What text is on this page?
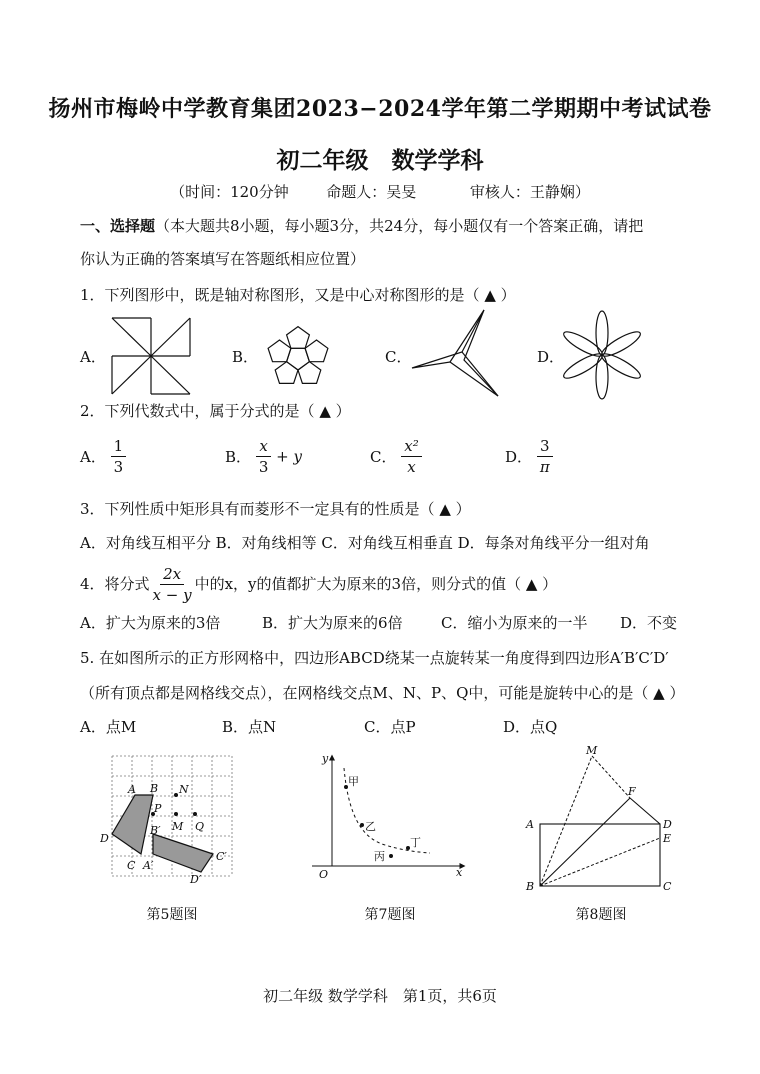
扬州市梅岭中学教育集团2023−2024学年第二学期期中考试试卷
初二年级　数学学科
（时间：120分钟	命题人：吴旻	审核人：王静娴）
一、选择题（本大题共8小题，每小题3分，共24分，每小题仅有一个答案正确，请把
你认为正确的答案填写在答题纸相应位置）
1．下列图形中，既是轴对称图形，又是中心对称图形的是（ ▲ ）
A．	B．	C．	D．
2．下列代数式中，属于分式的是（ ▲ ）
A． $\frac{1}{3}$	B． $\frac{x}{3} + y$	C． $\frac{\text{x²}}{x}$	D． $\frac{3}{\pi}$
3．下列性质中矩形具有而菱形不一定具有的性质是（ ▲ ）
A．对角线互相平分 B．对角线相等 C．对角线互相垂直 D．每条对角线平分一组对角
4．将分式 $\frac{2x}{x - y}$ 中的x，y的值都扩大为原来的3倍，则分式的值（ ▲ ）
A．扩大为原来的3倍	B．扩大为原来的6倍	C．缩小为原来的一半 D．不变
5. 在如图所示的正方形网格中，四边形ABCD绕某一点旋转某一角度得到四边形A′B′C′D′
（所有顶点都是网格线交点），在网格线交点M、N、P、Q中，可能是旋转中心的是（ ▲ ）
A．点M	B．点N	C．点P	D．点Q
A B N
P
D
B′ M Q
C A′
C′
D′
第5题图
y
x
O
甲
乙
丁
丙
第7题图
M
F
A	D
E
B	C
第8题图
初二年级 数学学科　第1页，共6页
